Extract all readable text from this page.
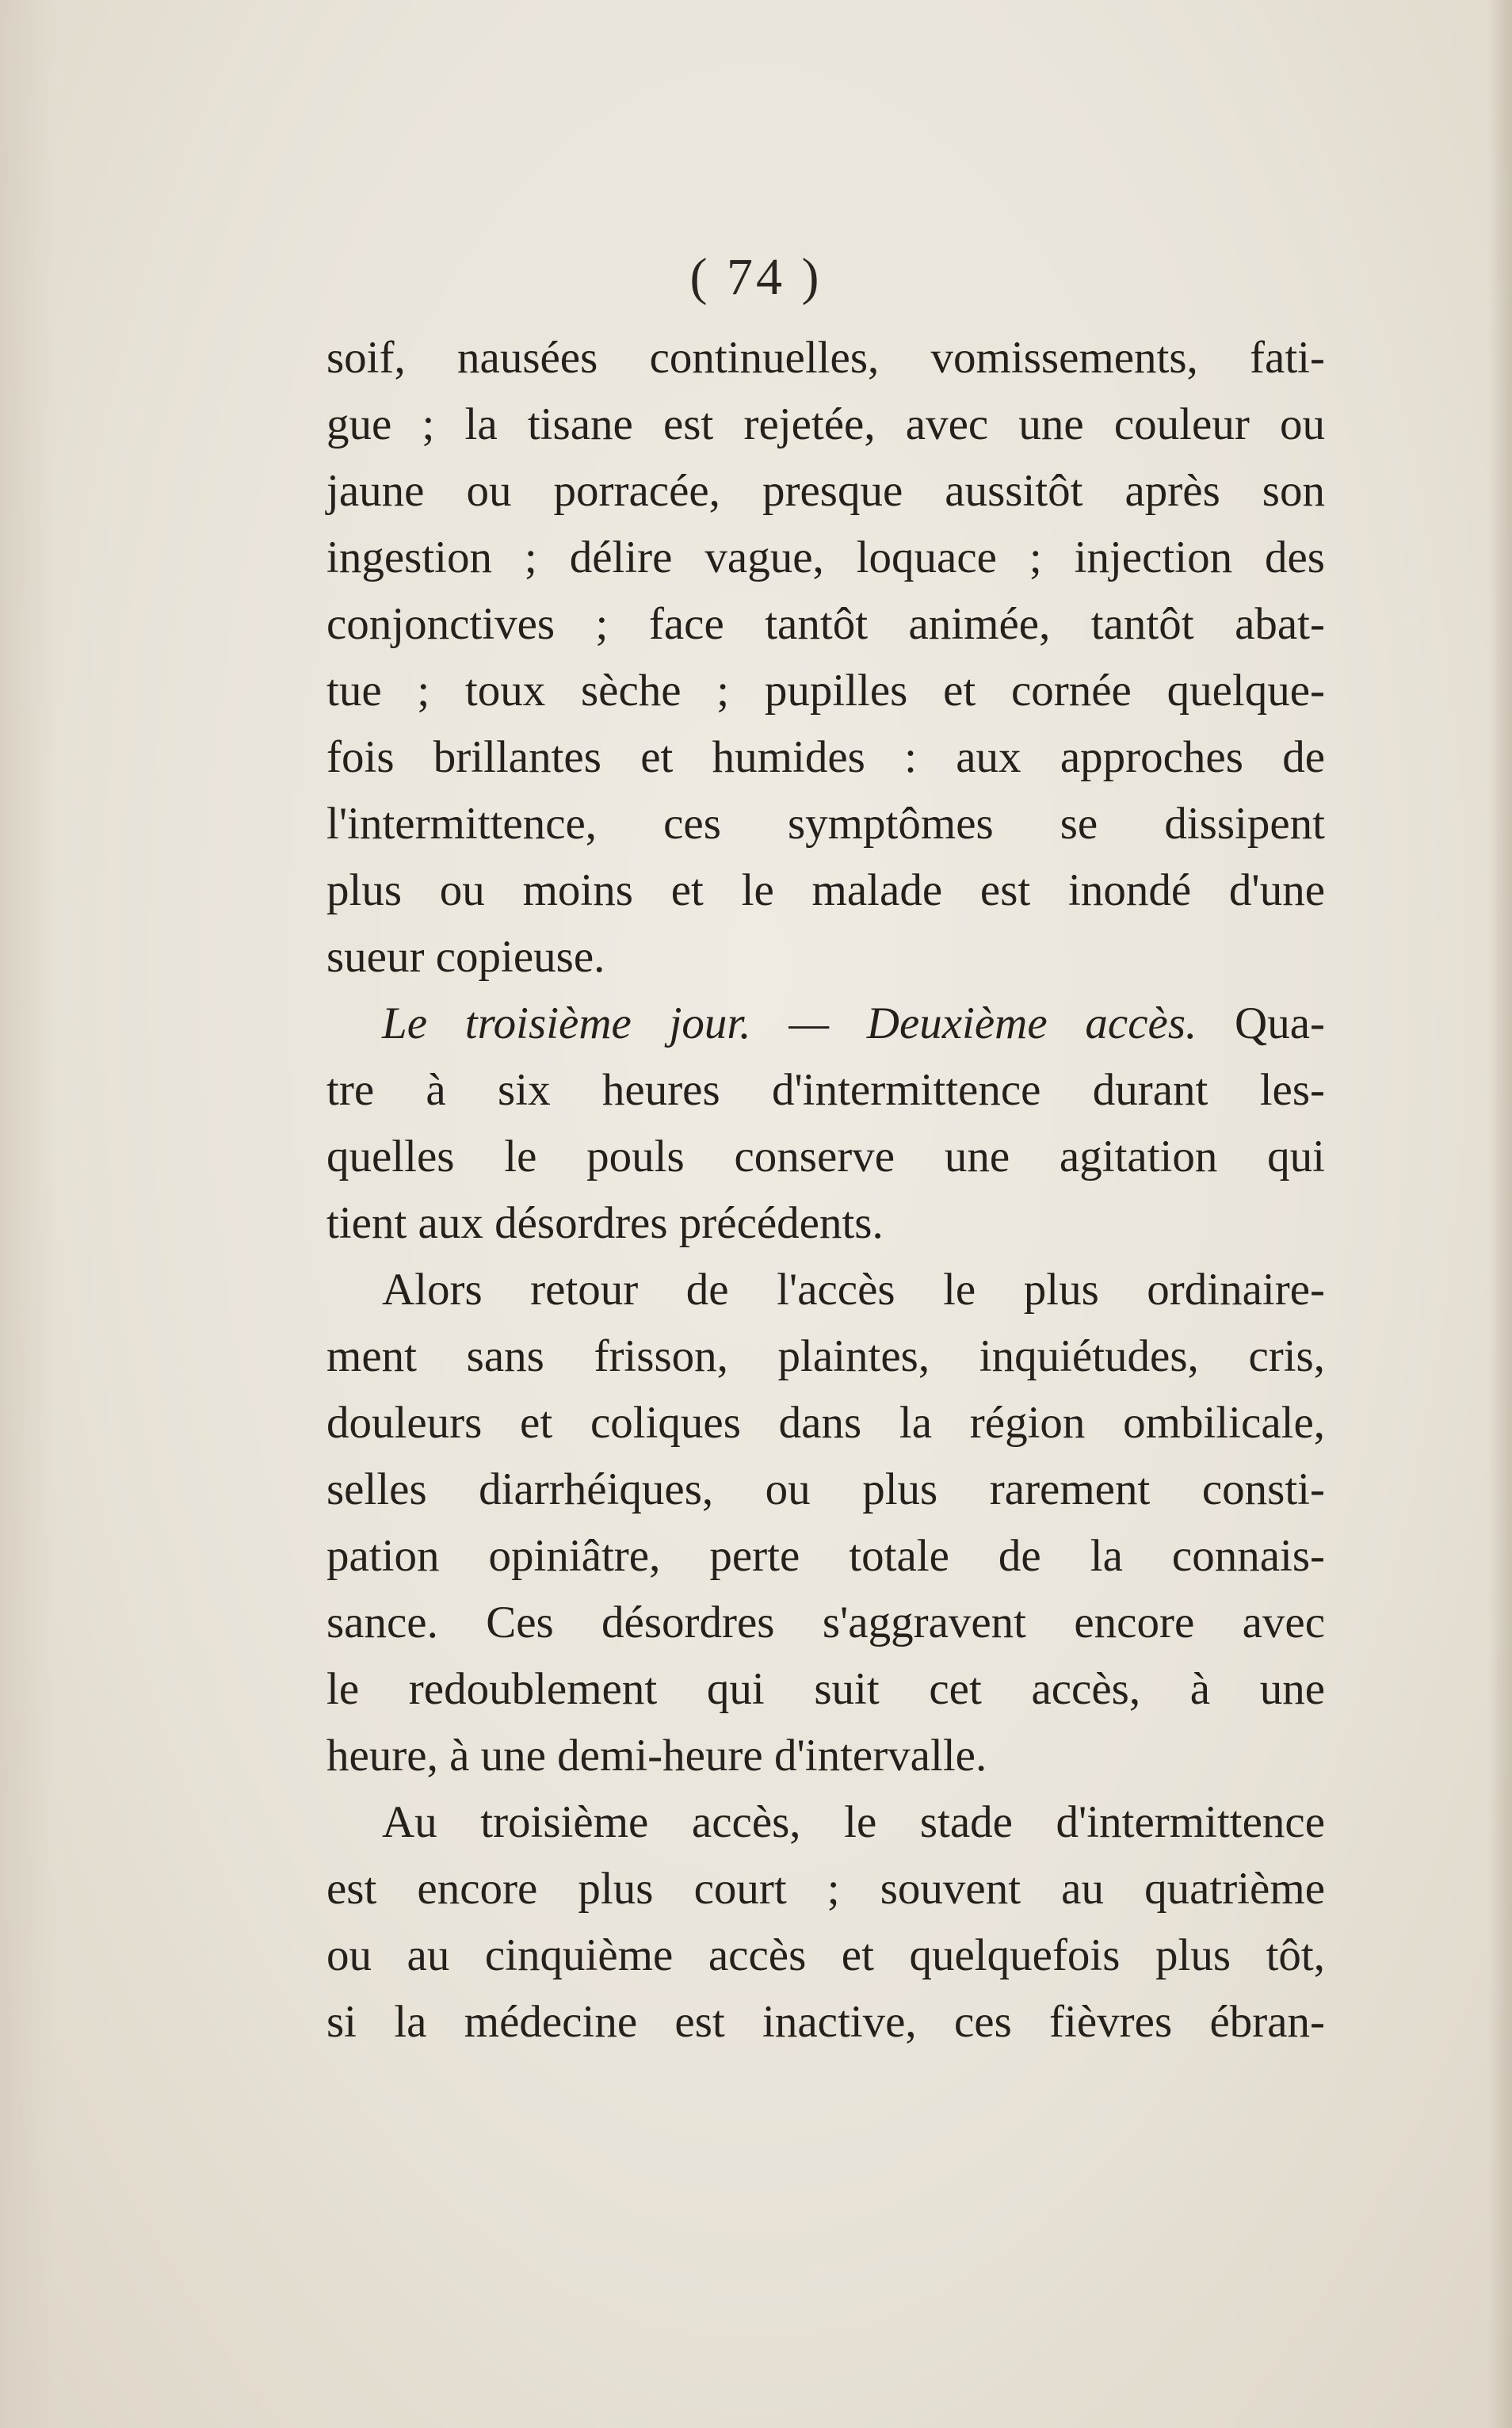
( 74 )
soif, nausées continuelles, vomissements, fati-
gue ; la tisane est rejetée, avec une couleur ou
jaune ou porracée, presque aussitôt après son
ingestion ; délire vague, loquace ; injection des
conjonctives ; face tantôt animée, tantôt abat-
tue ; toux sèche ; pupilles et cornée quelque-
fois brillantes et humides : aux approches de
l'intermittence, ces symptômes se dissipent
plus ou moins et le malade est inondé d'une
sueur copieuse.
Le troisième jour. — Deuxième accès. Qua-
tre à six heures d'intermittence durant les-
quelles le pouls conserve une agitation qui
tient aux désordres précédents.
Alors retour de l'accès le plus ordinaire-
ment sans frisson, plaintes, inquiétudes, cris,
douleurs et coliques dans la région ombilicale,
selles diarrhéiques, ou plus rarement consti-
pation opiniâtre, perte totale de la connais-
sance. Ces désordres s'aggravent encore avec
le redoublement qui suit cet accès, à une
heure, à une demi-heure d'intervalle.
Au troisième accès, le stade d'intermittence
est encore plus court ; souvent au quatrième
ou au cinquième accès et quelquefois plus tôt,
si la médecine est inactive, ces fièvres ébran-
